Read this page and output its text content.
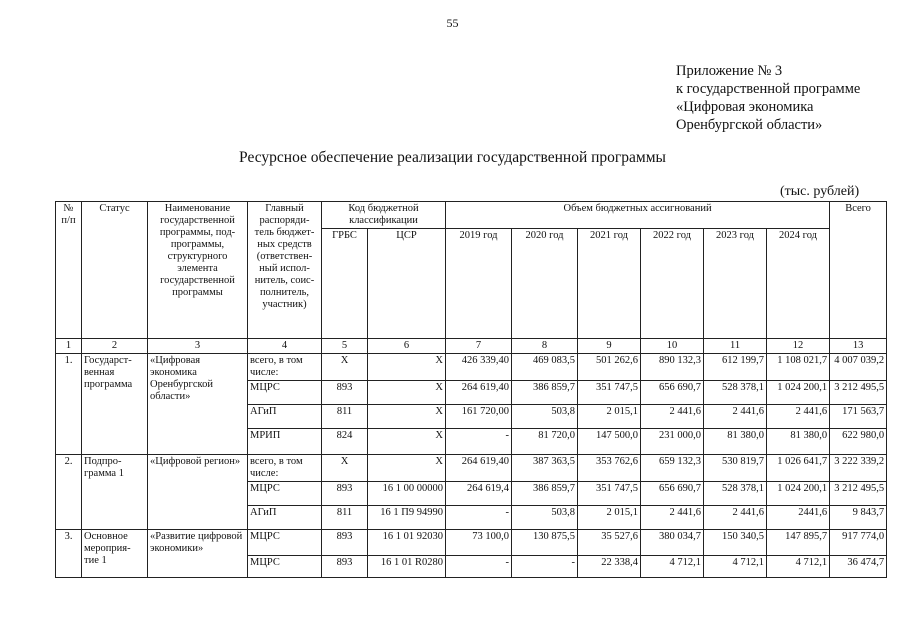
55
Приложение № 3
к государственной программе
«Цифровая экономика
Оренбургской области»
Ресурсное обеспечение реализации государственной программы
(тыс. рублей)
№ п/п	Статус	Наименование государственной программы, под-программы, структурного элемента государственной программы	Главный распоряди-тель бюджет-ных средств (ответствен-ный испол-нитель, соис-полнитель, участник)	Код бюджетной классификации		Объем бюджетных ассигнований						Всего
				ГРБС	ЦСР	2019 год	2020 год	2021 год	2022 год	2023 год	2024 год	

1	2	3	4	5	6	7	8	9	10	11	12	13
1.	Государст-венная программа	«Цифровая экономика Оренбургской области»	всего, в том числе:	Х	Х	426 339,40	469 083,5	501 262,6	890 132,3	612 199,7	1 108 021,7	4 007 039,2
			МЦРС	893	Х	264 619,40	386 859,7	351 747,5	656 690,7	528 378,1	1 024 200,1	3 212 495,5
			АГиП	811	Х	161 720,00	503,8	2 015,1	2 441,6	2 441,6	2 441,6	171 563,7
			МРИП	824	Х	-	81 720,0	147 500,0	231 000,0	81 380,0	81 380,0	622 980,0
2.	Подпро-грамма 1	«Цифровой регион»	всего, в том числе:	Х	Х	264 619,40	387 363,5	353 762,6	659 132,3	530 819,7	1 026 641,7	3 222 339,2
			МЦРС	893	16 1 00 00000	264 619,4	386 859,7	351 747,5	656 690,7	528 378,1	1 024 200,1	3 212 495,5
			АГиП	811	16 1 П9 94990	-	503,8	2 015,1	2 441,6	2 441,6	2441,6	9 843,7
3.	Основное мероприя-тие 1	«Развитие цифровой экономики»	МЦРС	893	16 1 01 92030	73 100,0	130 875,5	35 527,6	380 034,7	150 340,5	147 895,7	917 774,0
			МЦРС	893	16 1 01 R0280	-	-	22 338,4	4 712,1	4 712,1	4 712,1	36 474,7
